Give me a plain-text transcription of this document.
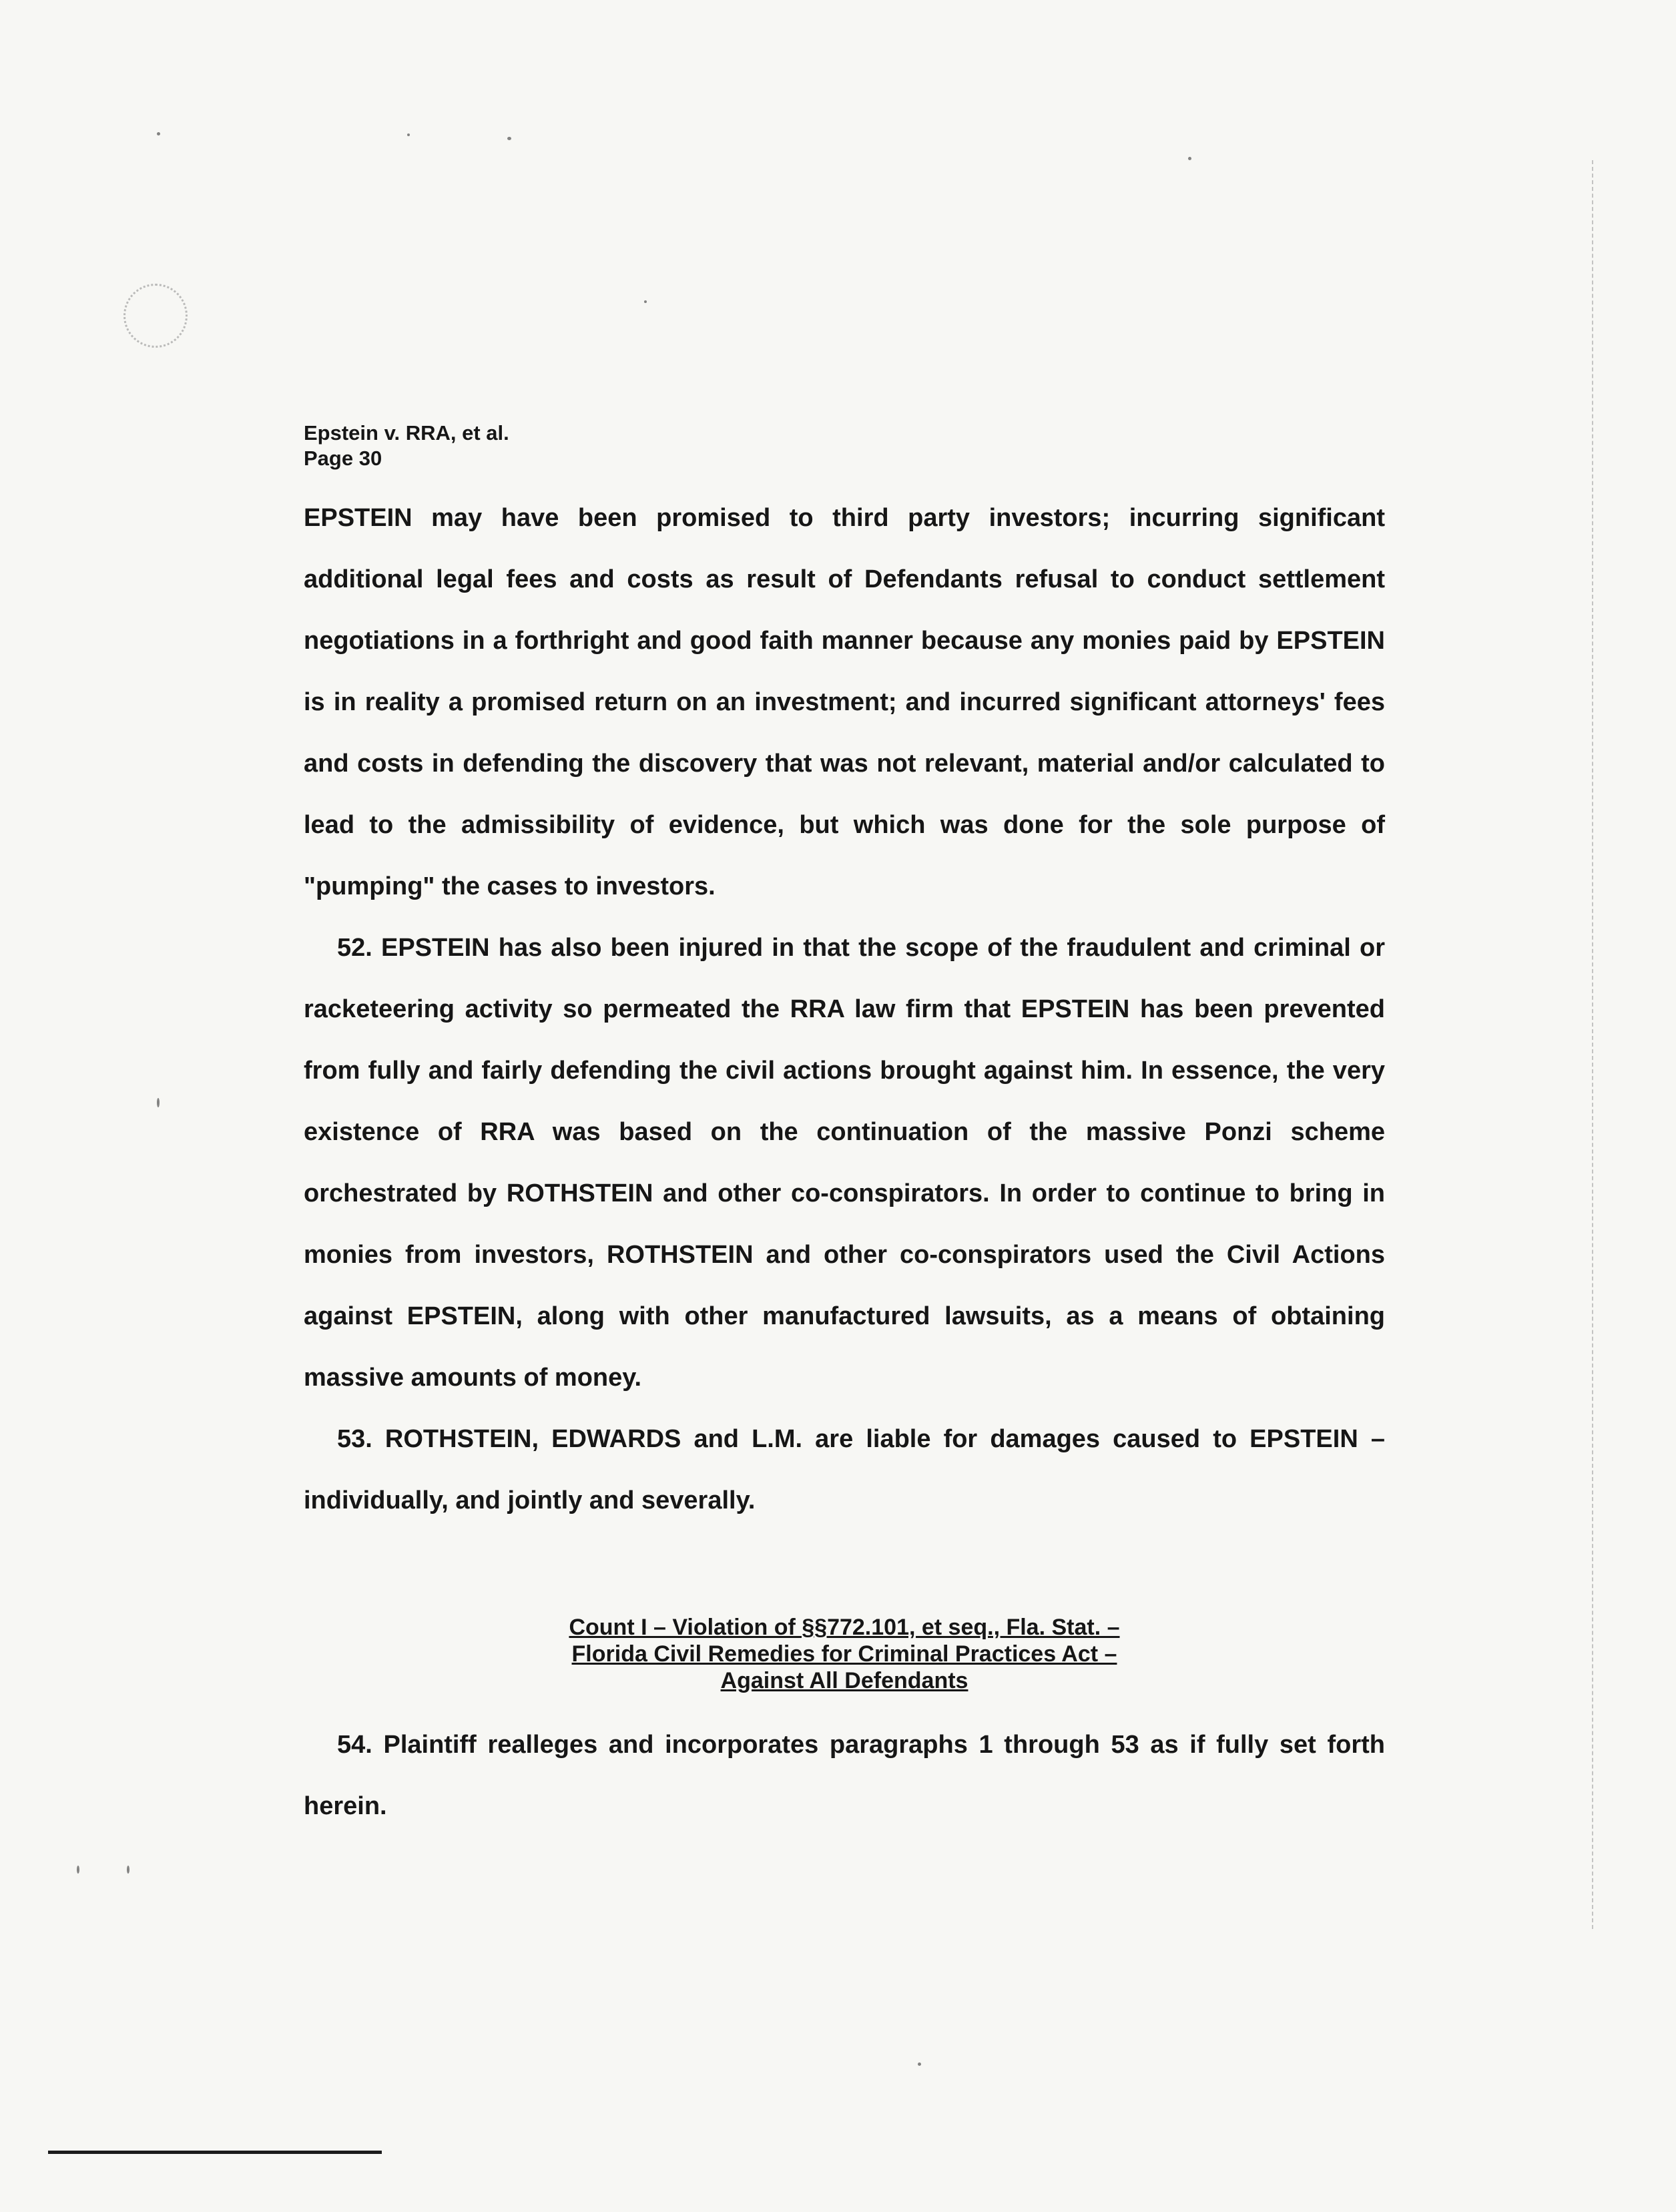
Epstein v. RRA, et al.
Page 30

EPSTEIN may have been promised to third party investors; incurring significant additional legal fees and costs as result of Defendants refusal to conduct settlement negotiations in a forthright and good faith manner because any monies paid by EPSTEIN is in reality a promised return on an investment; and incurred significant attorneys' fees and costs in defending the discovery that was not relevant, material and/or calculated to lead to the admissibility of evidence, but which was done for the sole purpose of "pumping" the cases to investors.

52. EPSTEIN has also been injured in that the scope of the fraudulent and criminal or racketeering activity so permeated the RRA law firm that EPSTEIN has been prevented from fully and fairly defending the civil actions brought against him. In essence, the very existence of RRA was based on the continuation of the massive Ponzi scheme orchestrated by ROTHSTEIN and other co-conspirators. In order to continue to bring in monies from investors, ROTHSTEIN and other co-conspirators used the Civil Actions against EPSTEIN, along with other manufactured lawsuits, as a means of obtaining massive amounts of money.

53. ROTHSTEIN, EDWARDS and L.M. are liable for damages caused to EPSTEIN – individually, and jointly and severally.

Count I – Violation of §§772.101, et seq., Fla. Stat. –
Florida Civil Remedies for Criminal Practices Act –
Against All Defendants

54. Plaintiff realleges and incorporates paragraphs 1 through 53 as if fully set forth herein.
